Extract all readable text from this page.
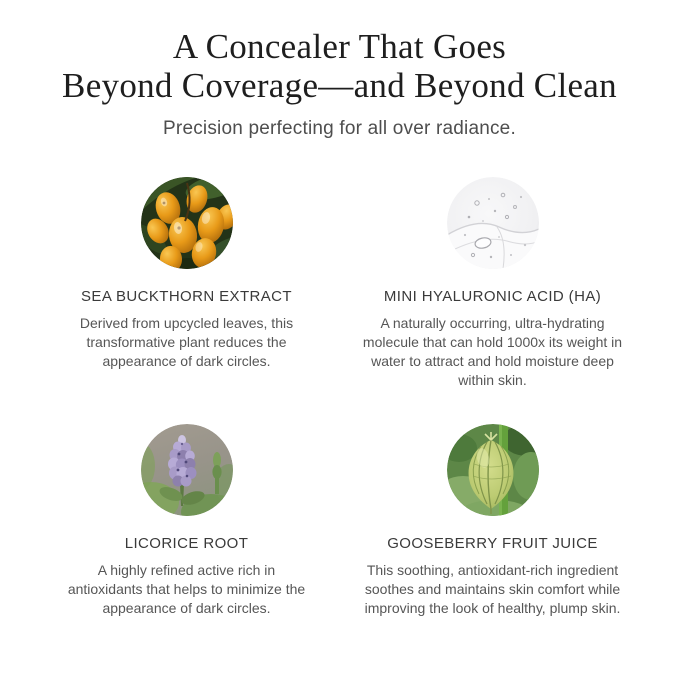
A Concealer That Goes
Beyond Coverage—and Beyond Clean
Precision perfecting for all over radiance.
SEA BUCKTHORN EXTRACT

Derived from upcycled leaves, this transformative plant reduces the appearance of dark circles.

MINI HYALURONIC ACID (HA)

A naturally occurring, ultra-hydrating molecule that can hold 1000x its weight in water to attract and hold moisture deep within skin.

LICORICE ROOT

A highly refined active rich in antioxidants that helps to minimize the appearance of dark circles.

GOOSEBERRY FRUIT JUICE

This soothing, antioxidant-rich ingredient soothes and maintains skin comfort while improving the look of healthy, plump skin.
